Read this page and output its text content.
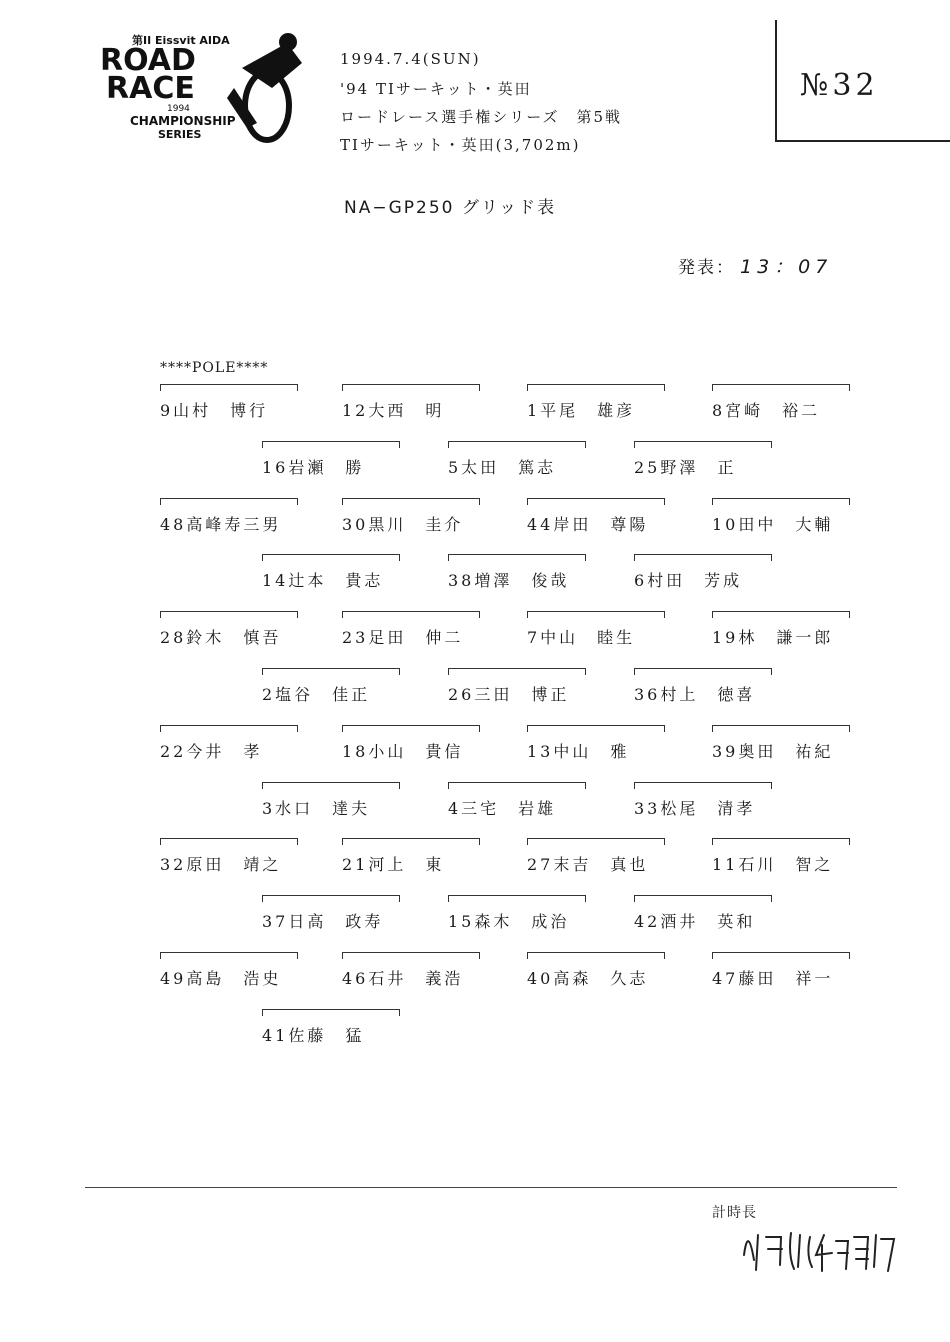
第II Eissvit AIDA
ROAD
RACE
1994
CHAMPIONSHIP
SERIES
1994.7.4(SUN)
'94 TIサーキット・英田
ロードレース選手権シリーズ　第5戦
TIサーキット・英田(3,702m)
№32
NA−GP250 グリッド表
発表： 13：07
****POLE****
9山村　博行	12大西　明	1平尾　雄彦	8宮崎　裕二
16岩瀬　勝	5太田　篤志	25野澤　正
48高峰寿三男	30黒川　圭介	44岸田　尊陽	10田中　大輔
14辻本　貴志	38増澤　俊哉	6村田　芳成
28鈴木　慎吾	23足田　伸二	7中山　睦生	19林　謙一郎
2塩谷　佳正	26三田　博正	36村上　徳喜
22今井　孝	18小山　貴信	13中山　雅	39奥田　祐紀
3水口　達夫	4三宅　岩雄	33松尾　清孝
32原田　靖之	21河上　東	27末吉　真也	11石川　智之
37日高　政寿	15森木　成治	42酒井　英和
49高島　浩史	46石井　義浩	40高森　久志	47藤田　祥一
41佐藤　猛
計時長
